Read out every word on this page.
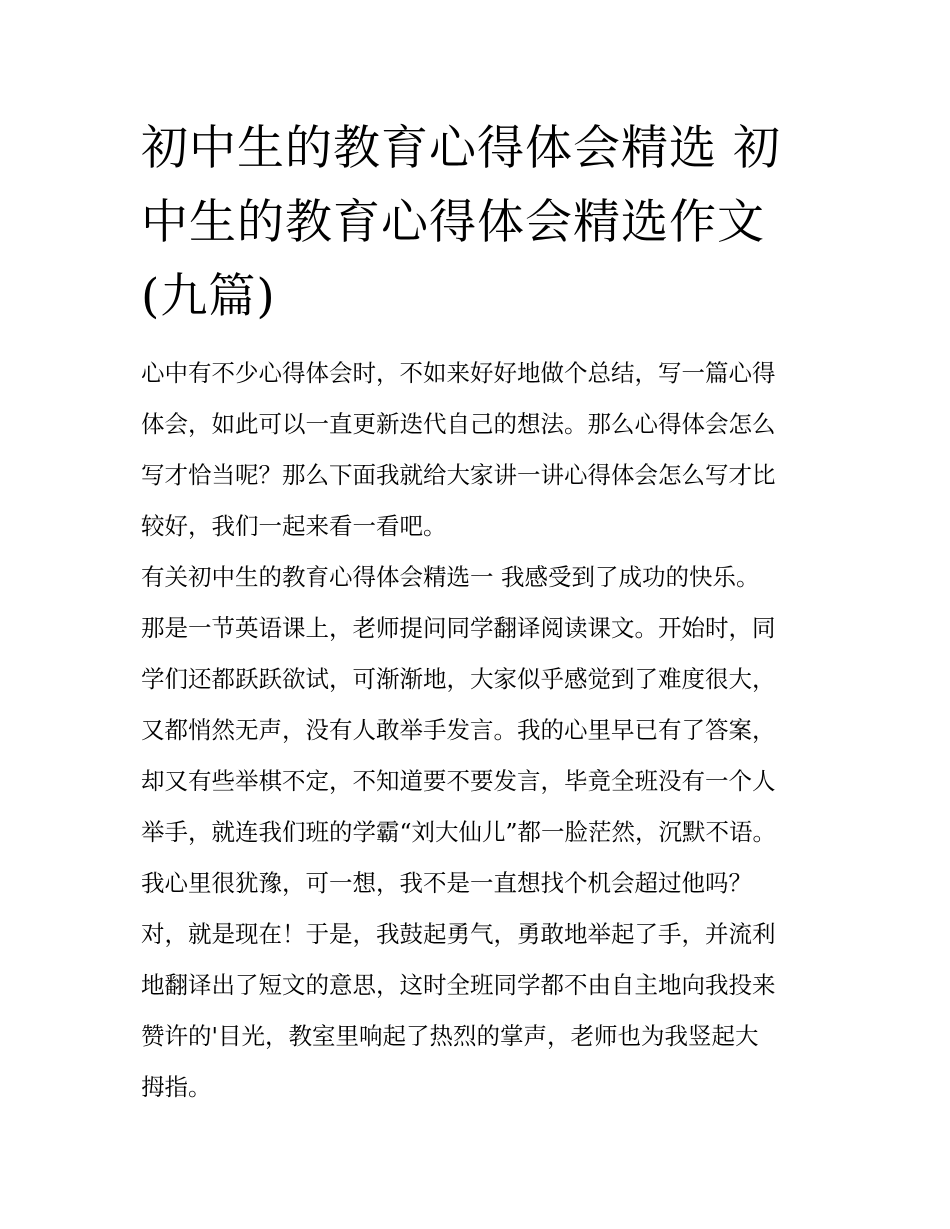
初中生的教育心得体会精选 初
中生的教育心得体会精选作文
(九篇)

心中有不少心得体会时，不如来好好地做个总结，写一篇心得
体会，如此可以一直更新迭代自己的想法。那么心得体会怎么
写才恰当呢？那么下面我就给大家讲一讲心得体会怎么写才比
较好，我们一起来看一看吧。

有关初中生的教育心得体会精选一 我感受到了成功的快乐。
那是一节英语课上，老师提问同学翻译阅读课文。开始时，同
学们还都跃跃欲试，可渐渐地，大家似乎感觉到了难度很大，
又都悄然无声，没有人敢举手发言。我的心里早已有了答案，
却又有些举棋不定，不知道要不要发言，毕竟全班没有一个人
举手，就连我们班的学霸“刘大仙儿”都一脸茫然，沉默不语。
我心里很犹豫，可一想，我不是一直想找个机会超过他吗？
对，就是现在！于是，我鼓起勇气，勇敢地举起了手，并流利
地翻译出了短文的意思，这时全班同学都不由自主地向我投来
赞许的'目光，教室里响起了热烈的掌声，老师也为我竖起大
拇指。
